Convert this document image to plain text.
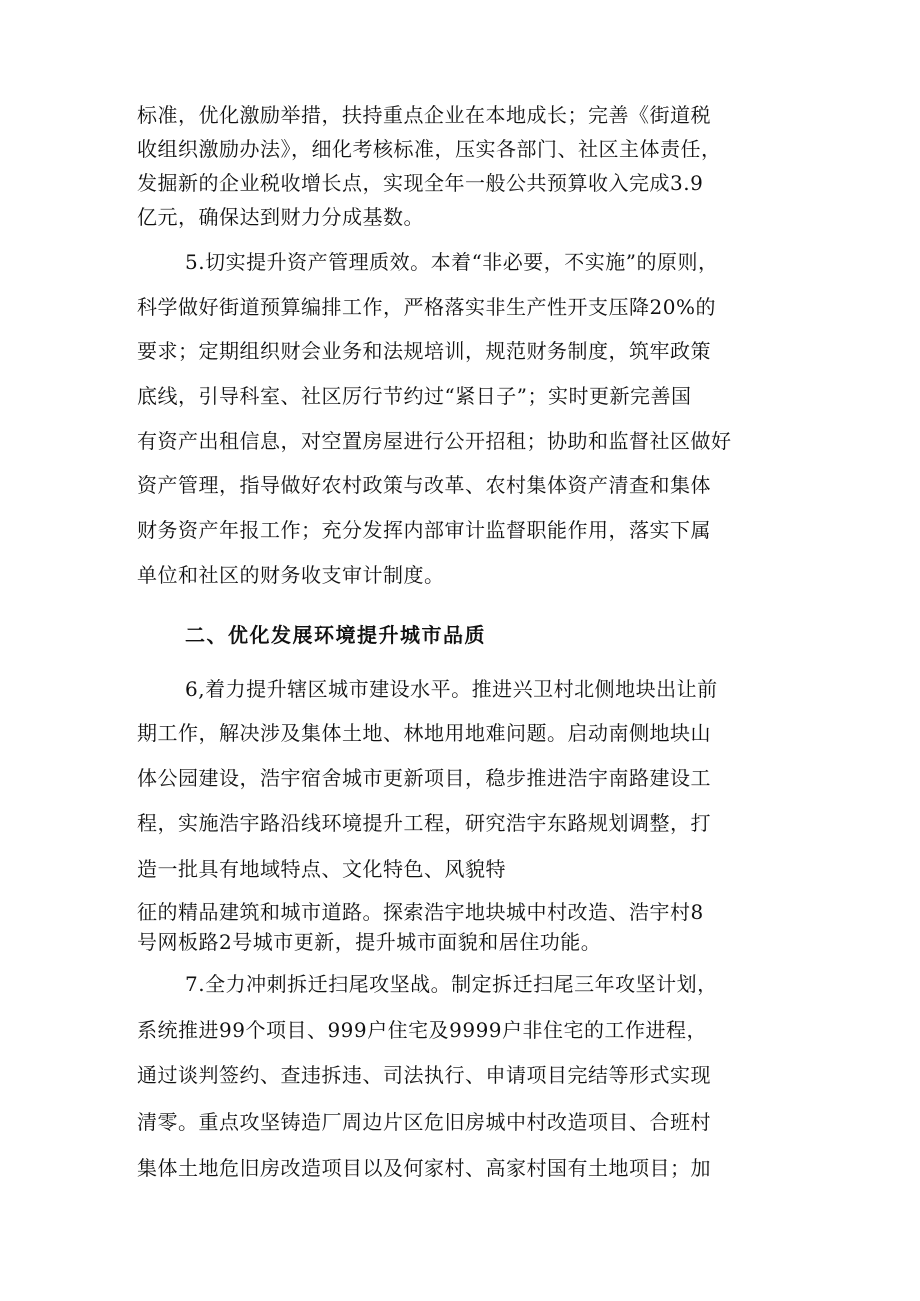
标准，优化激励举措，扶持重点企业在本地成长；完善《街道税
收组织激励办法》，细化考核标准，压实各部门、社区主体责任，
发掘新的企业税收增长点，实现全年一般公共预算收入完成3.9
亿元，确保达到财力分成基数。
5.切实提升资产管理质效。本着“非必要，不实施”的原则，
科学做好街道预算编排工作，严格落实非生产性开支压降20%的
要求；定期组织财会业务和法规培训，规范财务制度，筑牢政策
底线，引导科室、社区厉行节约过“紧日子”；实时更新完善国
有资产出租信息，对空置房屋进行公开招租；协助和监督社区做好
资产管理，指导做好农村政策与改革、农村集体资产清查和集体
财务资产年报工作；充分发挥内部审计监督职能作用，落实下属
单位和社区的财务收支审计制度。
二、优化发展环境提升城市品质
6,着力提升辖区城市建设水平。推进兴卫村北侧地块出让前
期工作，解决涉及集体土地、林地用地难问题。启动南侧地块山
体公园建设，浩宇宿舍城市更新项目，稳步推进浩宇南路建设工
程，实施浩宇路沿线环境提升工程，研究浩宇东路规划调整，打
造一批具有地域特点、文化特色、风貌特
征的精品建筑和城市道路。探索浩宇地块城中村改造、浩宇村8
号网板路2号城市更新，提升城市面貌和居住功能。
7.全力冲刺拆迁扫尾攻坚战。制定拆迁扫尾三年攻坚计划，
系统推进99个项目、999户住宅及9999户非住宅的工作进程，
通过谈判签约、查违拆违、司法执行、申请项目完结等形式实现
清零。重点攻坚铸造厂周边片区危旧房城中村改造项目、合班村
集体土地危旧房改造项目以及何家村、高家村国有土地项目；加
